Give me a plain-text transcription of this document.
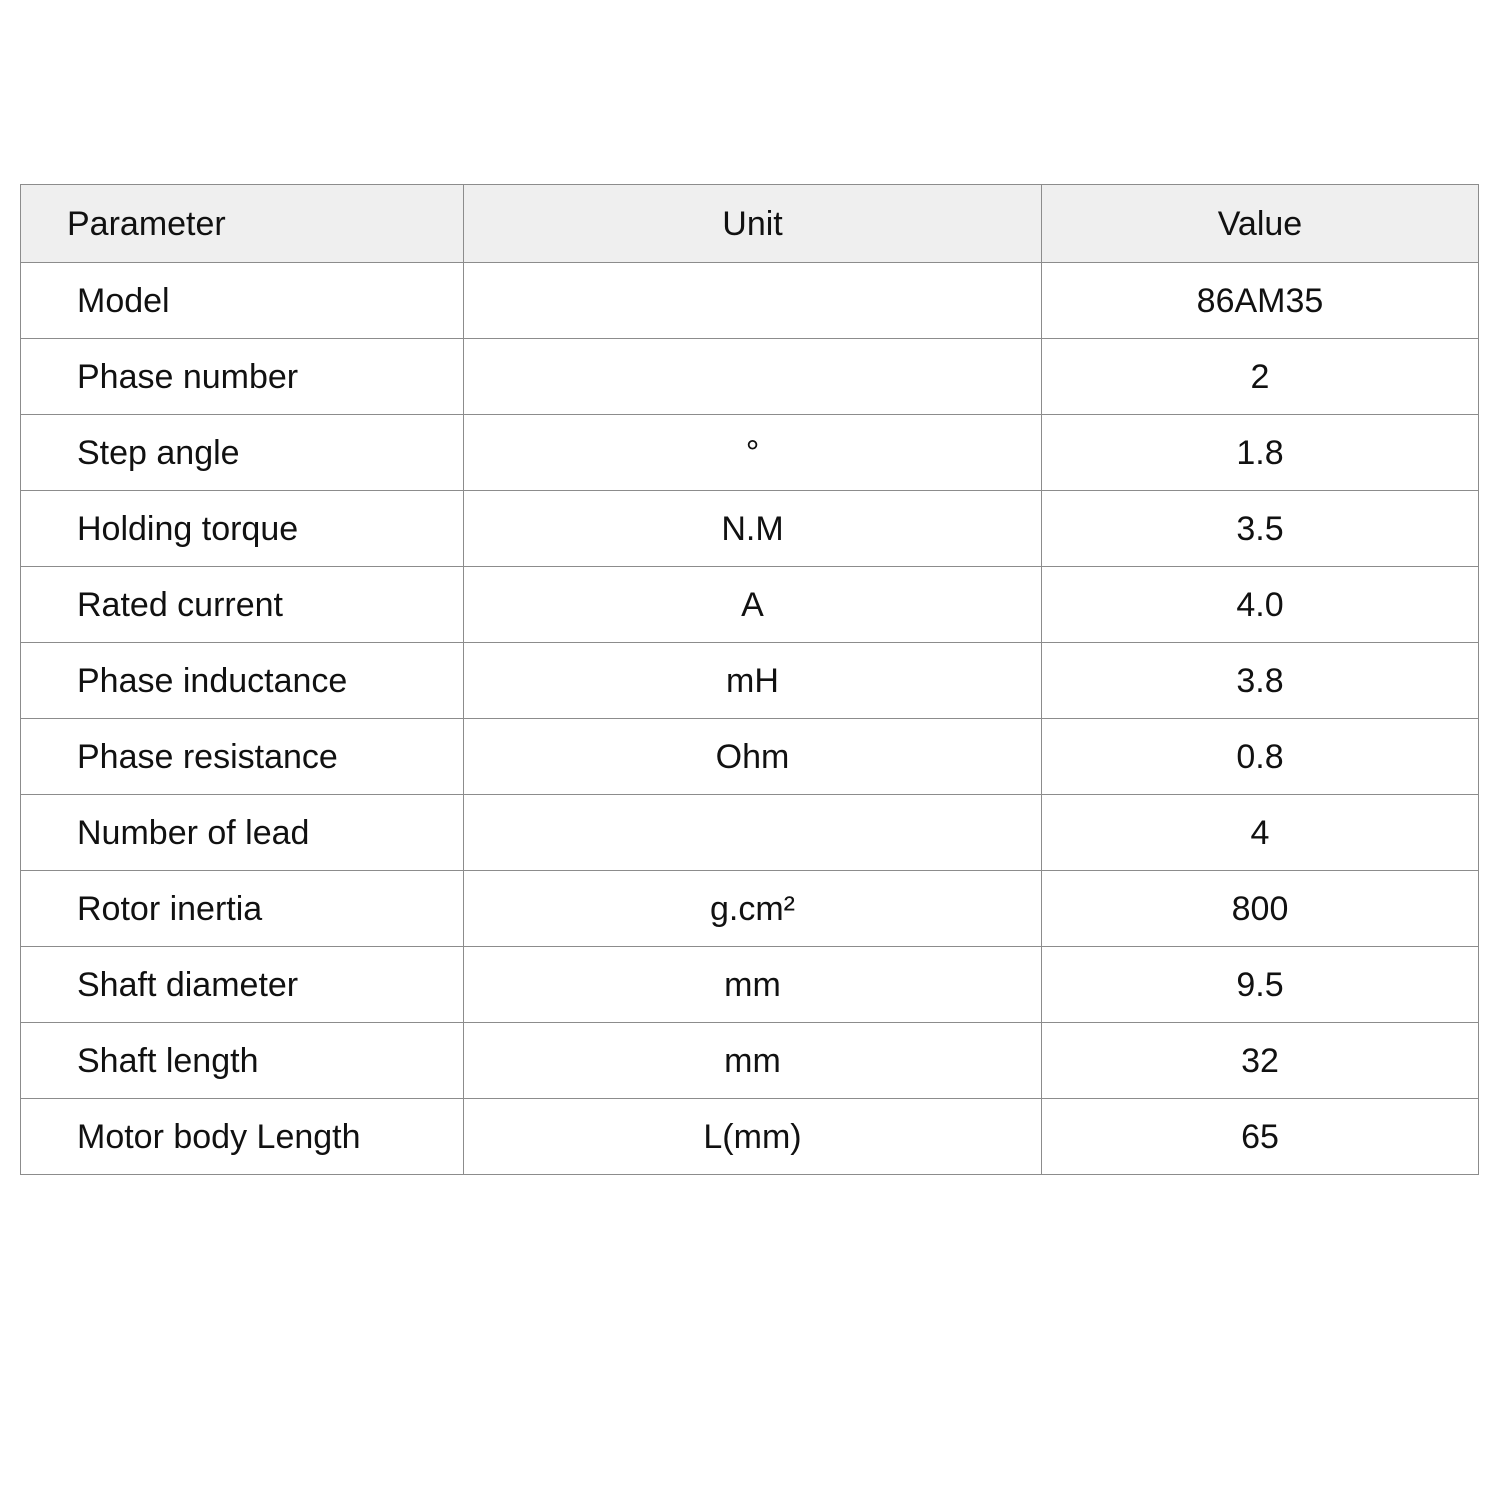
Parameter	Unit	Value
Model		86AM35
Phase number		2
Step angle	°	1.8
Holding torque	N.M	3.5
Rated current	A	4.0
Phase inductance	mH	3.8
Phase resistance	Ohm	0.8
Number of lead		4
Rotor inertia	g.cm²	800
Shaft diameter	mm	9.5
Shaft length	mm	32
Motor body Length	L(mm)	65
